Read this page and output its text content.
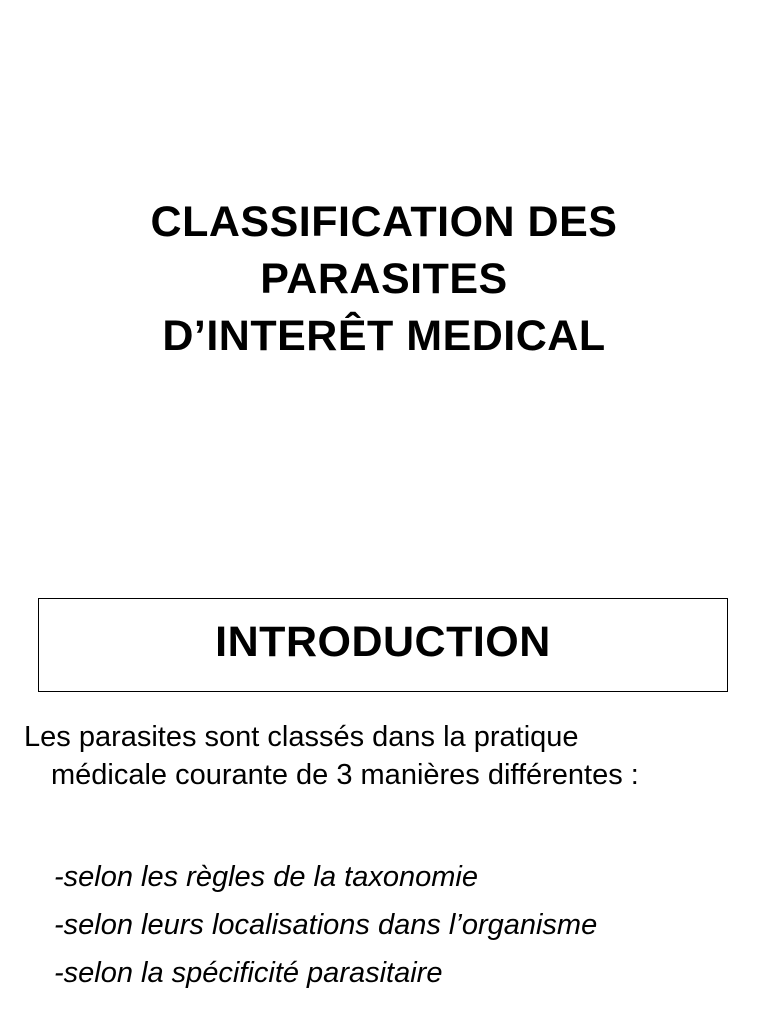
CLASSIFICATION DES
PARASITES
D’INTERÊT MEDICAL
INTRODUCTION
Les parasites sont classés dans la pratique
médicale courante de 3 manières différentes :
-selon les règles de la taxonomie
-selon leurs localisations dans l’organisme
-selon la spécificité parasitaire
